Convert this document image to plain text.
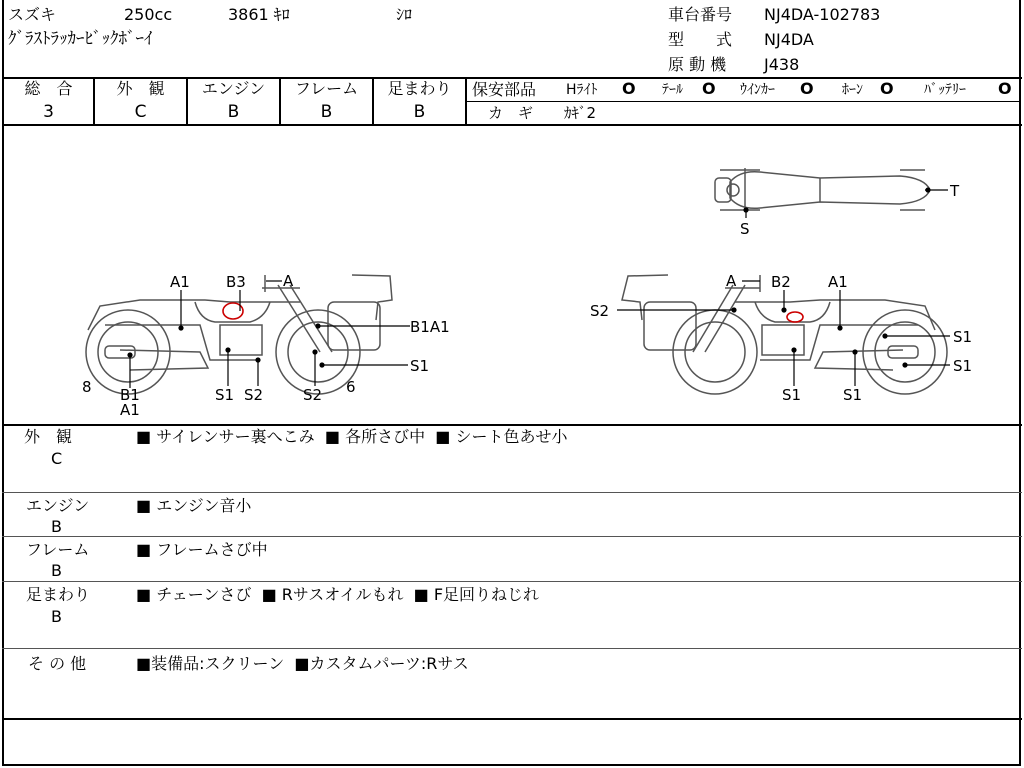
スズキ	250cc	3861 ｷﾛ	ｼﾛ
ｸﾞﾗｽﾄﾗｯｶｰﾋﾞｯｸﾎﾞｰｲ
車台番号 NJ4DA-102783
型　　式 NJ4DA
原 動 機 J438
総　合
3
外　観
C
エンジン
B
フレーム
B
足まわり
B
保安部品 Hﾗｲﾄ O ﾃｰﾙ O ｳｲﾝｶｰ O ﾎｰﾝ O ﾊﾞｯﾃﾘｰ O
カ　ギ ｶｷﾞ2
T
S
A1 B3 A
B1A1
S1
8 B1
A1
S1 S2	S2 6
A B2 A1
S2
S1
S1
S1	S1
外　観
C
■ サイレンサー裏へこみ  ■ 各所さび中  ■ シート色あせ小
エンジン
B
■ エンジン音小
フレーム
B
■ フレームさび中
足まわり
B
■ チェーンさび  ■ Rサスオイルもれ  ■ F足回りねじれ
そ の 他	■装備品:スクリーン  ■カスタムパーツ:Rサス
